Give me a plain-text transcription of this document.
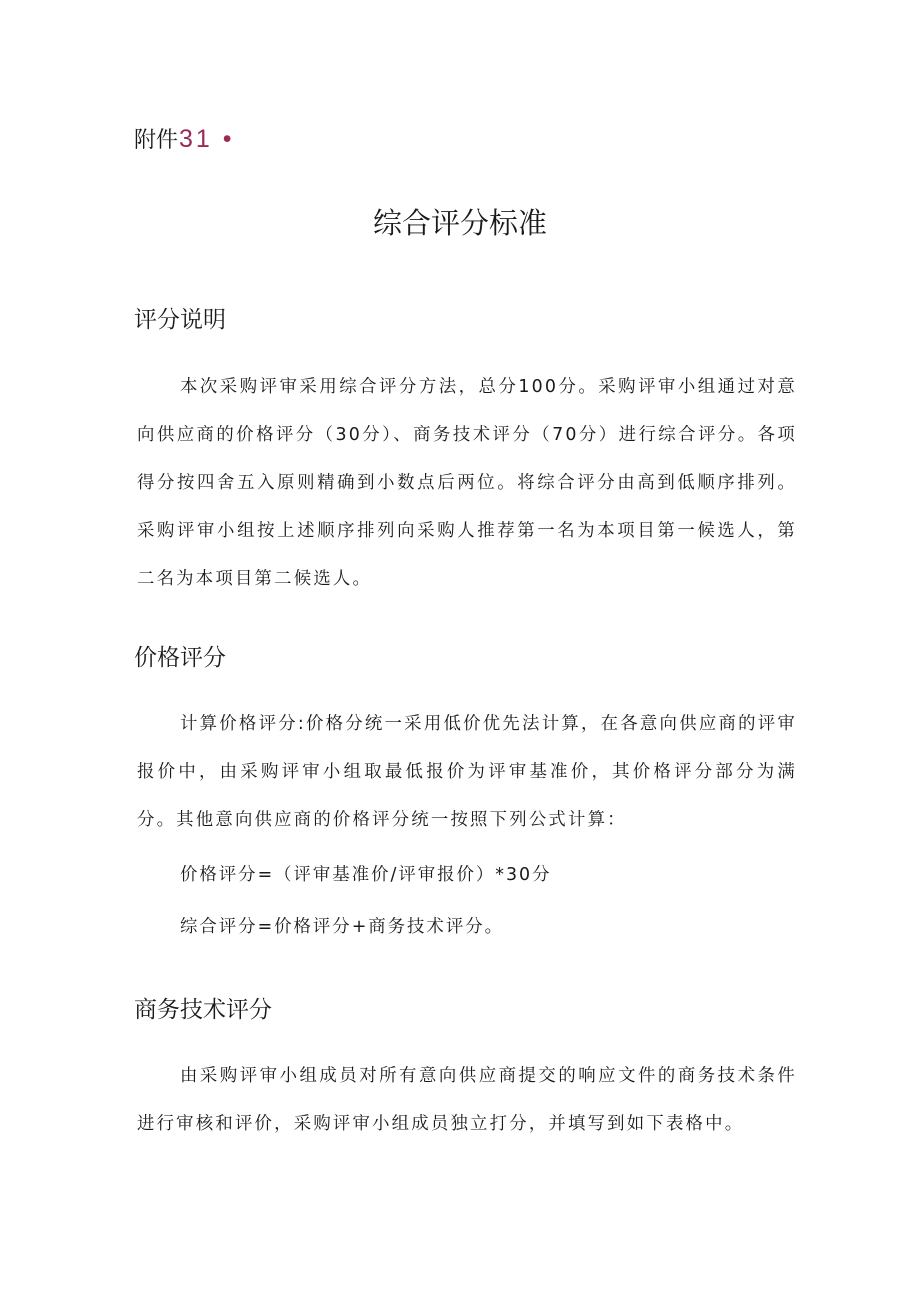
附件31 •
综合评分标准
评分说明

本次采购评审采用综合评分方法，总分100分。采购评审小组通过对意向供应商的价格评分（30分）、商务技术评分（70分）进行综合评分。各项得分按四舍五入原则精确到小数点后两位。将综合评分由高到低顺序排列。采购评审小组按上述顺序排列向采购人推荐第一名为本项目第一候选人，第二名为本项目第二候选人。

价格评分

计算价格评分:价格分统一采用低价优先法计算，在各意向供应商的评审报价中，由采购评审小组取最低报价为评审基准价，其价格评分部分为满分。其他意向供应商的价格评分统一按照下列公式计算：

价格评分=（评审基准价/评审报价）*30分
综合评分=价格评分+商务技术评分。
商务技术评分

由采购评审小组成员对所有意向供应商提交的响应文件的商务技术条件进行审核和评价，采购评审小组成员独立打分，并填写到如下表格中。
